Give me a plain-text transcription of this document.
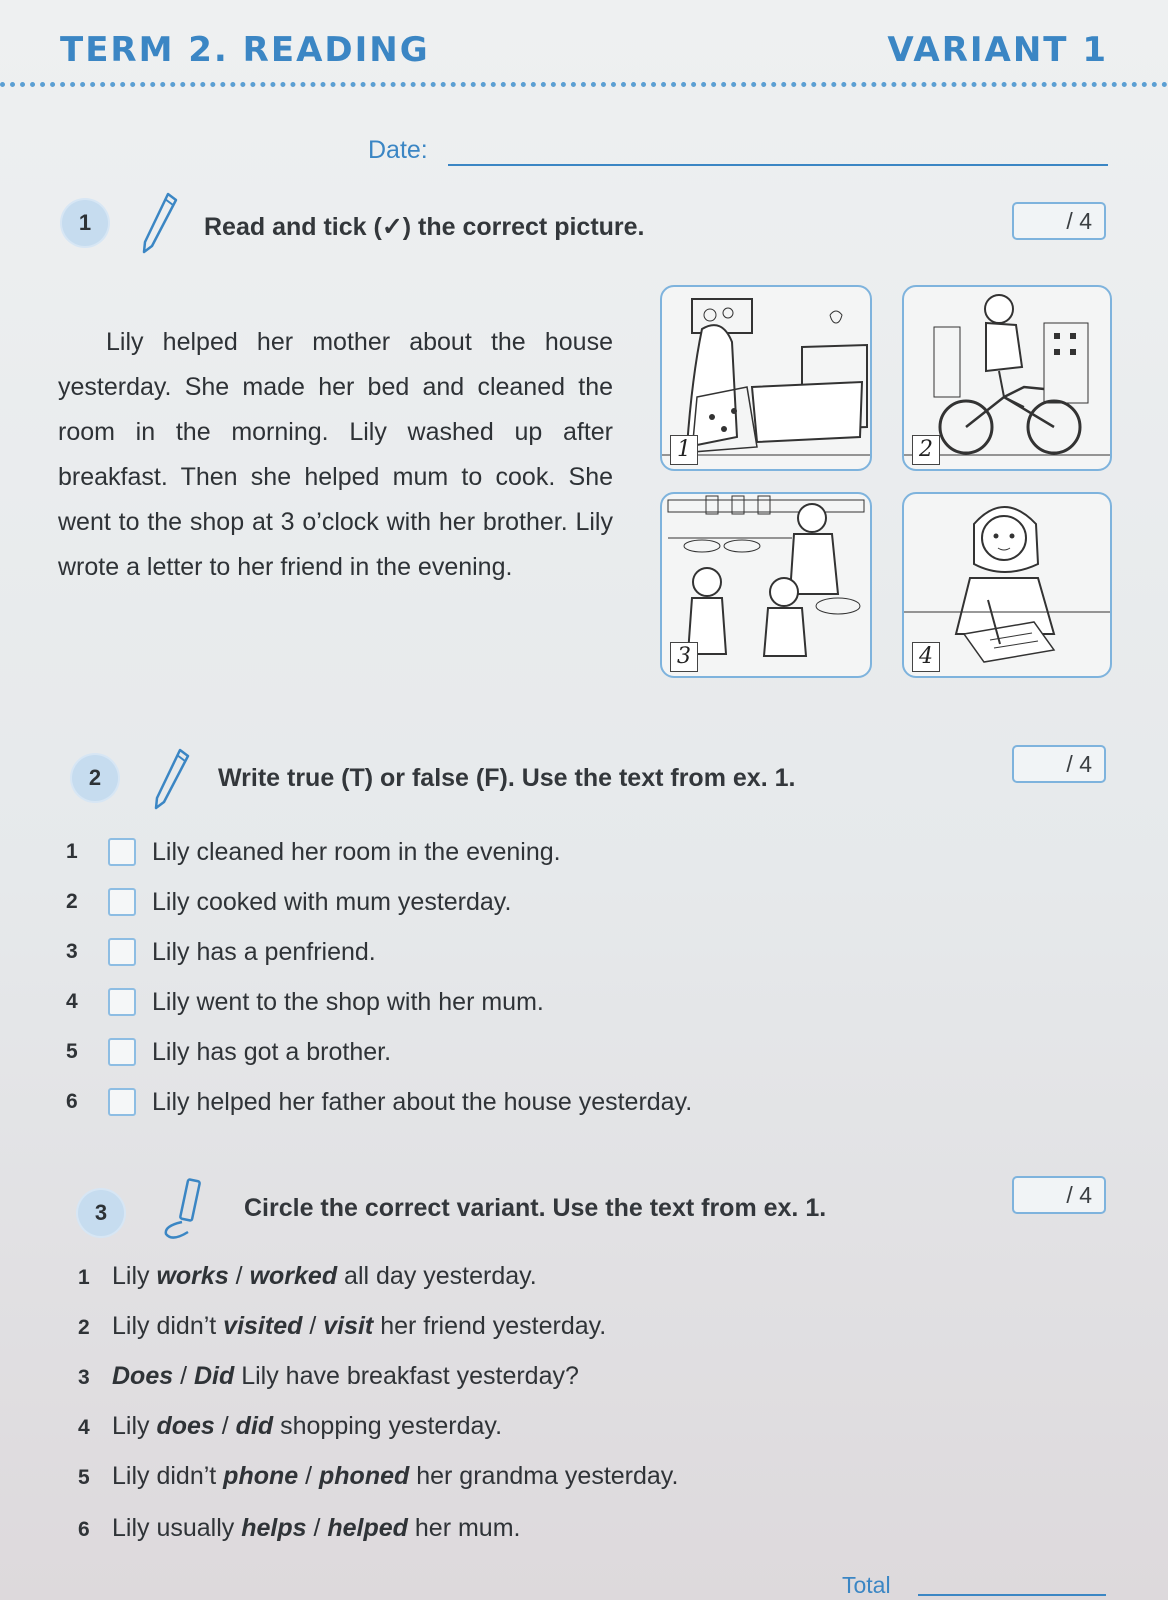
TERM 2. READING	VARIANT 1
Date:
1	Read and tick (✓) the correct picture.	/ 4
Lily helped her mother about the house yesterday. She made her bed and cleaned the room in the morning. Lily washed up after breakfast. Then she helped mum to cook. She went to the shop at 3 o’clock with her brother. Lily wrote a letter to her friend in the evening.
1	2
3	4
2	Write true (T) or false (F). Use the text from ex. 1.
/ 4
1	Lily cleaned her room in the evening.
2	Lily cooked with mum yesterday.
3	Lily has a penfriend.
4	Lily went to the shop with her mum.
5	Lily has got a brother.
6	Lily helped her father about the house yesterday.
3	Circle the correct variant. Use the text from ex. 1.	/ 4
1 Lily works / worked all day yesterday.
2 Lily didn’t visited / visit her friend yesterday.
3 Does / Did Lily have breakfast yesterday?
4 Lily does / did shopping yesterday.
5 Lily didn’t phone / phoned her grandma yesterday.
6 Lily usually helps / helped her mum.
Total
